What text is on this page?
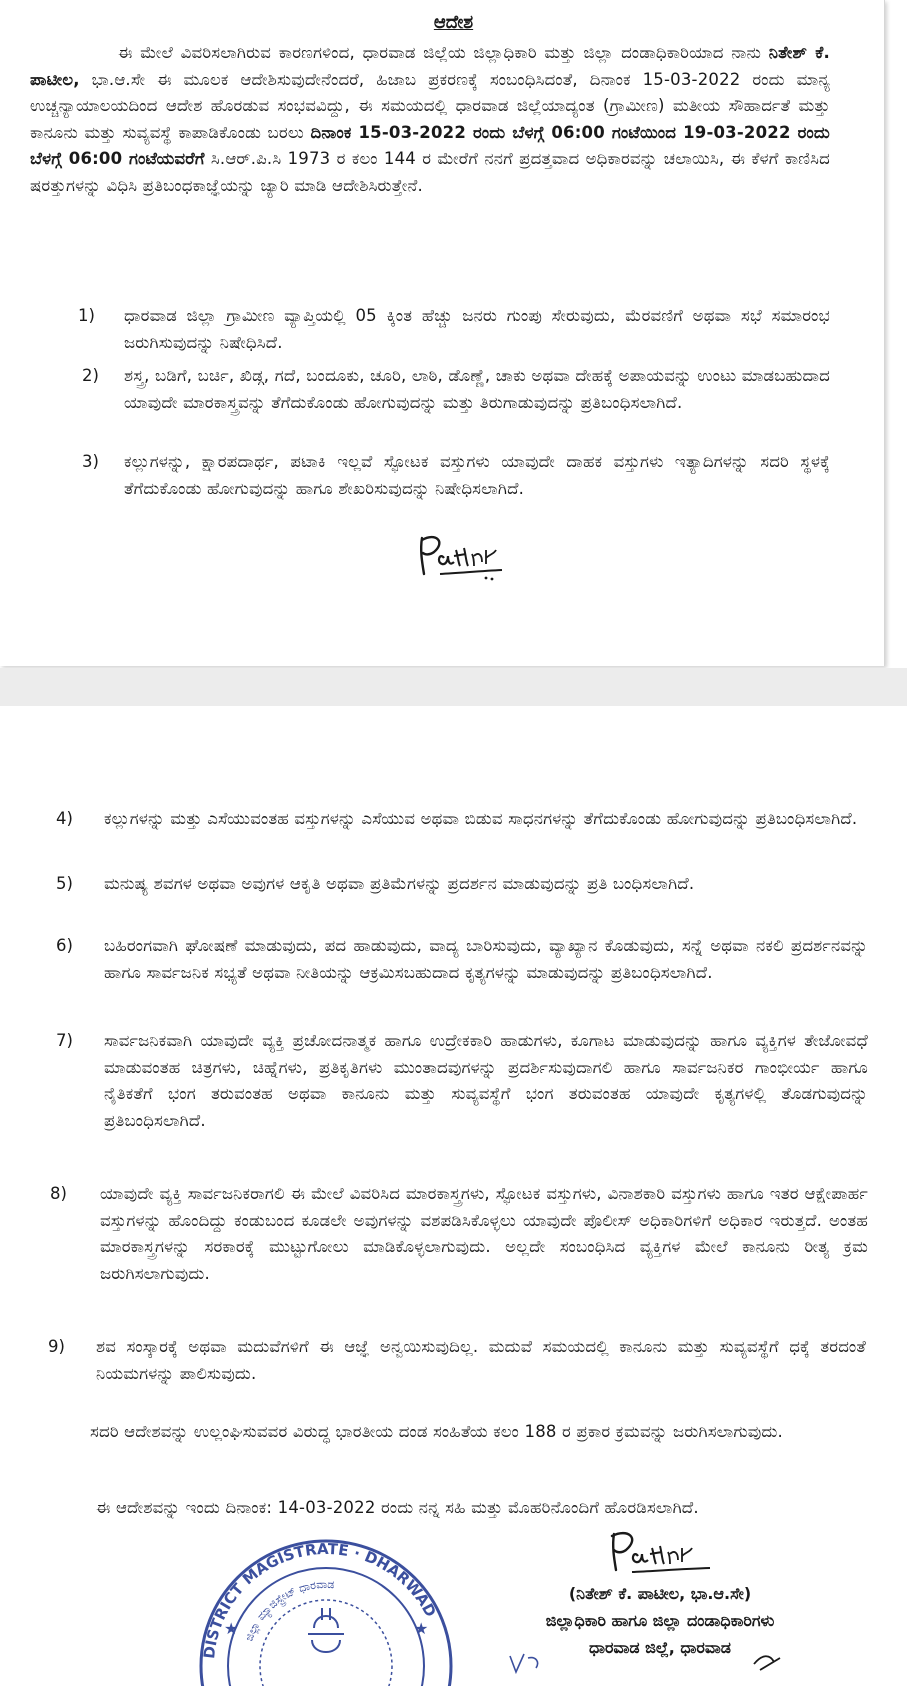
ಆದೇಶ
ಈ ಮೇಲೆ ವಿವರಿಸಲಾಗಿರುವ ಕಾರಣಗಳಿಂದ, ಧಾರವಾಡ ಜಿಲ್ಲೆಯ ಜಿಲ್ಲಾಧಿಕಾರಿ ಮತ್ತು ಜಿಲ್ಲಾ ದಂಡಾಧಿಕಾರಿಯಾದ ನಾನು ನಿತೇಶ್ ಕೆ. ಪಾಟೀಲ, ಭಾ.ಆ.ಸೇ ಈ ಮೂಲಕ ಆದೇಶಿಸುವುದೇನೆಂದರೆ, ಹಿಜಾಬ ಪ್ರಕರಣಕ್ಕೆ ಸಂಬಂಧಿಸಿದಂತೆ, ದಿನಾಂಕ 15-03-2022 ರಂದು ಮಾನ್ಯ ಉಚ್ಚನ್ಯಾಯಾಲಯದಿಂದ ಆದೇಶ ಹೊರಡುವ ಸಂಭವವಿದ್ದು, ಈ ಸಮಯದಲ್ಲಿ ಧಾರವಾಡ ಜಿಲ್ಲೆಯಾದ್ಯಂತ (ಗ್ರಾಮೀಣ) ಮತೀಯ ಸೌಹಾರ್ದತೆ ಮತ್ತು ಕಾನೂನು ಮತ್ತು ಸುವ್ಯವಸ್ಥೆ ಕಾಪಾಡಿಕೊಂಡು ಬರಲು ದಿನಾಂಕ 15-03-2022 ರಂದು ಬೆಳಗ್ಗೆ 06:00 ಗಂಟೆಯಿಂದ 19-03-2022 ರಂದು ಬೆಳಗ್ಗೆ 06:00 ಗಂಟೆಯವರೆಗೆ ಸಿ.ಆರ್.ಪಿ.ಸಿ 1973 ರ ಕಲಂ 144 ರ ಮೇರೆಗೆ ನನಗೆ ಪ್ರದತ್ತವಾದ ಅಧಿಕಾರವನ್ನು ಚಲಾಯಿಸಿ, ಈ ಕೆಳಗೆ ಕಾಣಿಸಿದ ಷರತ್ತುಗಳನ್ನು ವಿಧಿಸಿ ಪ್ರತಿಬಂಧಕಾಜ್ಞೆಯನ್ನು ಜ್ಯಾರಿ ಮಾಡಿ ಆದೇಶಿಸಿರುತ್ತೇನೆ.
1) ಧಾರವಾಡ ಜಿಲ್ಲಾ ಗ್ರಾಮೀಣ ವ್ಯಾಪ್ತಿಯಲ್ಲಿ 05 ಕ್ಕಿಂತ ಹೆಚ್ಚು ಜನರು ಗುಂಪು ಸೇರುವುದು, ಮೆರವಣಿಗೆ ಅಥವಾ ಸಭೆ ಸಮಾರಂಭ ಜರುಗಿಸುವುದನ್ನು ನಿಷೇಧಿಸಿದೆ.
2) ಶಸ್ತ್ರ, ಬಡಿಗೆ, ಬರ್ಚಿ, ಖಿಡ್ಗ, ಗದೆ, ಬಂದೂಕು, ಚೂರಿ, ಲಾಠಿ, ಡೊಣ್ಣೆ, ಚಾಕು ಅಥವಾ ದೇಹಕ್ಕೆ ಅಪಾಯವನ್ನು ಉಂಟು ಮಾಡಬಹುದಾದ ಯಾವುದೇ ಮಾರಕಾಸ್ತ್ರವನ್ನು ತೆಗೆದುಕೊಂಡು ಹೋಗುವುದನ್ನು ಮತ್ತು ತಿರುಗಾಡುವುದನ್ನು ಪ್ರತಿಬಂಧಿಸಲಾಗಿದೆ.
3) ಕಲ್ಲುಗಳನ್ನು, ಕ್ಷಾರಪದಾರ್ಥ, ಪಟಾಕಿ ಇಲ್ಲವೆ ಸ್ಫೋಟಕ ವಸ್ತುಗಳು ಯಾವುದೇ ದಾಹಕ ವಸ್ತುಗಳು ಇತ್ಯಾದಿಗಳನ್ನು ಸದರಿ ಸ್ಥಳಕ್ಕೆ ತೆಗೆದುಕೊಂಡು ಹೋಗುವುದನ್ನು ಹಾಗೂ ಶೇಖರಿಸುವುದನ್ನು ನಿಷೇಧಿಸಲಾಗಿದೆ.
4) ಕಲ್ಲುಗಳನ್ನು ಮತ್ತು ಎಸೆಯುವಂತಹ ವಸ್ತುಗಳನ್ನು ಎಸೆಯುವ ಅಥವಾ ಬಿಡುವ ಸಾಧನಗಳನ್ನು ತೆಗೆದುಕೊಂಡು ಹೋಗುವುದನ್ನು ಪ್ರತಿಬಂಧಿಸಲಾಗಿದೆ.
5) ಮನುಷ್ಯ ಶವಗಳ ಅಥವಾ ಅವುಗಳ ಆಕೃತಿ ಅಥವಾ ಪ್ರತಿಮೆಗಳನ್ನು ಪ್ರದರ್ಶನ ಮಾಡುವುದನ್ನು ಪ್ರತಿ ಬಂಧಿಸಲಾಗಿದೆ.
6) ಬಹಿರಂಗವಾಗಿ ಘೋಷಣೆ ಮಾಡುವುದು, ಪದ ಹಾಡುವುದು, ವಾದ್ಯ ಬಾರಿಸುವುದು, ವ್ಯಾಖ್ಯಾನ ಕೊಡುವುದು, ಸನ್ನೆ ಅಥವಾ ನಕಲಿ ಪ್ರದರ್ಶನವನ್ನು ಹಾಗೂ ಸಾರ್ವಜನಿಕ ಸಭ್ಯತೆ ಅಥವಾ ನೀತಿಯನ್ನು ಆಕ್ರಮಿಸಬಹುದಾದ ಕೃತ್ಯಗಳನ್ನು ಮಾಡುವುದನ್ನು ಪ್ರತಿಬಂಧಿಸಲಾಗಿದೆ.
7) ಸಾರ್ವಜನಿಕವಾಗಿ ಯಾವುದೇ ವ್ಯಕ್ತಿ ಪ್ರಚೋದನಾತ್ಮಕ ಹಾಗೂ ಉದ್ರೇಕಕಾರಿ ಹಾಡುಗಳು, ಕೂಗಾಟ ಮಾಡುವುದನ್ನು ಹಾಗೂ ವ್ಯಕ್ತಿಗಳ ತೇಜೋವಧೆ ಮಾಡುವಂತಹ ಚಿತ್ರಗಳು, ಚಿಹ್ನೆಗಳು, ಪ್ರತಿಕೃತಿಗಳು ಮುಂತಾದವುಗಳನ್ನು ಪ್ರದರ್ಶಿಸುವುದಾಗಲಿ ಹಾಗೂ ಸಾರ್ವಜನಿಕರ ಗಾಂಭೀರ್ಯ ಹಾಗೂ ನೈತಿಕತೆಗೆ ಭಂಗ ತರುವಂತಹ ಅಥವಾ ಕಾನೂನು ಮತ್ತು ಸುವ್ಯವಸ್ಥೆಗೆ ಭಂಗ ತರುವಂತಹ ಯಾವುದೇ ಕೃತ್ಯಗಳಲ್ಲಿ ತೊಡಗುವುದನ್ನು ಪ್ರತಿಬಂಧಿಸಲಾಗಿದೆ.
8) ಯಾವುದೇ ವ್ಯಕ್ತಿ ಸಾರ್ವಜನಿಕರಾಗಲಿ ಈ ಮೇಲೆ ವಿವರಿಸಿದ ಮಾರಕಾಸ್ತ್ರಗಳು, ಸ್ಫೋಟಕ ವಸ್ತುಗಳು, ವಿನಾಶಕಾರಿ ವಸ್ತುಗಳು ಹಾಗೂ ಇತರ ಆಕ್ಷೇಪಾರ್ಹ ವಸ್ತುಗಳನ್ನು ಹೊಂದಿದ್ದು ಕಂಡುಬಂದ ಕೂಡಲೇ ಅವುಗಳನ್ನು ವಶಪಡಿಸಿಕೊಳ್ಳಲು ಯಾವುದೇ ಪೊಲೀಸ್ ಅಧಿಕಾರಿಗಳಿಗೆ ಅಧಿಕಾರ ಇರುತ್ತದೆ. ಅಂತಹ ಮಾರಕಾಸ್ತ್ರಗಳನ್ನು ಸರಕಾರಕ್ಕೆ ಮುಟ್ಟುಗೋಲು ಮಾಡಿಕೊಳ್ಳಲಾಗುವುದು. ಅಲ್ಲದೇ ಸಂಬಂಧಿಸಿದ ವ್ಯಕ್ತಿಗಳ ಮೇಲೆ ಕಾನೂನು ರೀತ್ಯ ಕ್ರಮ ಜರುಗಿಸಲಾಗುವುದು.
9) ಶವ ಸಂಸ್ಕಾರಕ್ಕೆ ಅಥವಾ ಮದುವೆಗಳಿಗೆ ಈ ಆಜ್ಞೆ ಅನ್ವಯಿಸುವುದಿಲ್ಲ. ಮದುವೆ ಸಮಯದಲ್ಲಿ ಕಾನೂನು ಮತ್ತು ಸುವ್ಯವಸ್ಥೆಗೆ ಧಕ್ಕೆ ತರದಂತೆ ನಿಯಮಗಳನ್ನು ಪಾಲಿಸುವುದು.
ಸದರಿ ಆದೇಶವನ್ನು ಉಲ್ಲಂಘಿಸುವವರ ವಿರುದ್ಧ ಭಾರತೀಯ ದಂಡ ಸಂಹಿತೆಯ ಕಲಂ 188 ರ ಪ್ರಕಾರ ಕ್ರಮವನ್ನು ಜರುಗಿಸಲಾಗುವುದು.
ಈ ಆದೇಶವನ್ನು ಇಂದು ದಿನಾಂಕ: 14-03-2022 ರಂದು ನನ್ನ ಸಹಿ ಮತ್ತು ಮೊಹರಿನೊಂದಿಗೆ ಹೊರಡಿಸಲಾಗಿದೆ.
DISTRICT MAGISTRATE · DHARWAD
ಜಿಲ್ಲಾ ಮ್ಯಾಜಿಸ್ಟ್ರೇಟ್ ಧಾರವಾಡ
★	★
(ನಿತೇಶ್ ಕೆ. ಪಾಟೀಲ, ಭಾ.ಆ.ಸೇ)
ಜಿಲ್ಲಾಧಿಕಾರಿ ಹಾಗೂ ಜಿಲ್ಲಾ ದಂಡಾಧಿಕಾರಿಗಳು
ಧಾರವಾಡ ಜಿಲ್ಲೆ, ಧಾರವಾಡ
